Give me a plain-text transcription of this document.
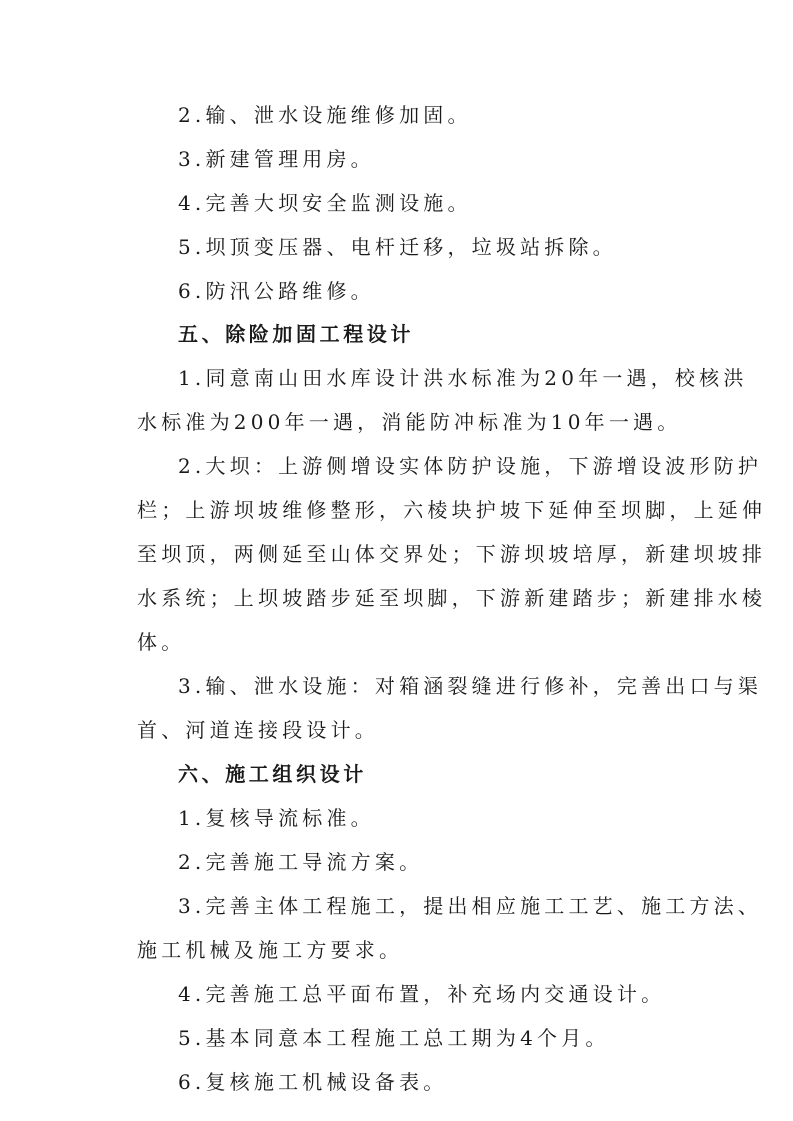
2.输、泄水设施维修加固。
3.新建管理用房。
4.完善大坝安全监测设施。
5.坝顶变压器、电杆迁移，垃圾站拆除。
6.防汛公路维修。
五、除险加固工程设计
1.同意南山田水库设计洪水标准为20年一遇，校核洪
水标准为200年一遇，消能防冲标准为10年一遇。
2.大坝：上游侧增设实体防护设施，下游增设波形防护
栏；上游坝坡维修整形，六棱块护坡下延伸至坝脚，上延伸
至坝顶，两侧延至山体交界处；下游坝坡培厚，新建坝坡排
水系统；上坝坡踏步延至坝脚，下游新建踏步；新建排水棱
体。
3.输、泄水设施：对箱涵裂缝进行修补，完善出口与渠
首、河道连接段设计。
六、施工组织设计
1.复核导流标准。
2.完善施工导流方案。
3.完善主体工程施工，提出相应施工工艺、施工方法、
施工机械及施工方要求。
4.完善施工总平面布置，补充场内交通设计。
5.基本同意本工程施工总工期为4个月。
6.复核施工机械设备表。
